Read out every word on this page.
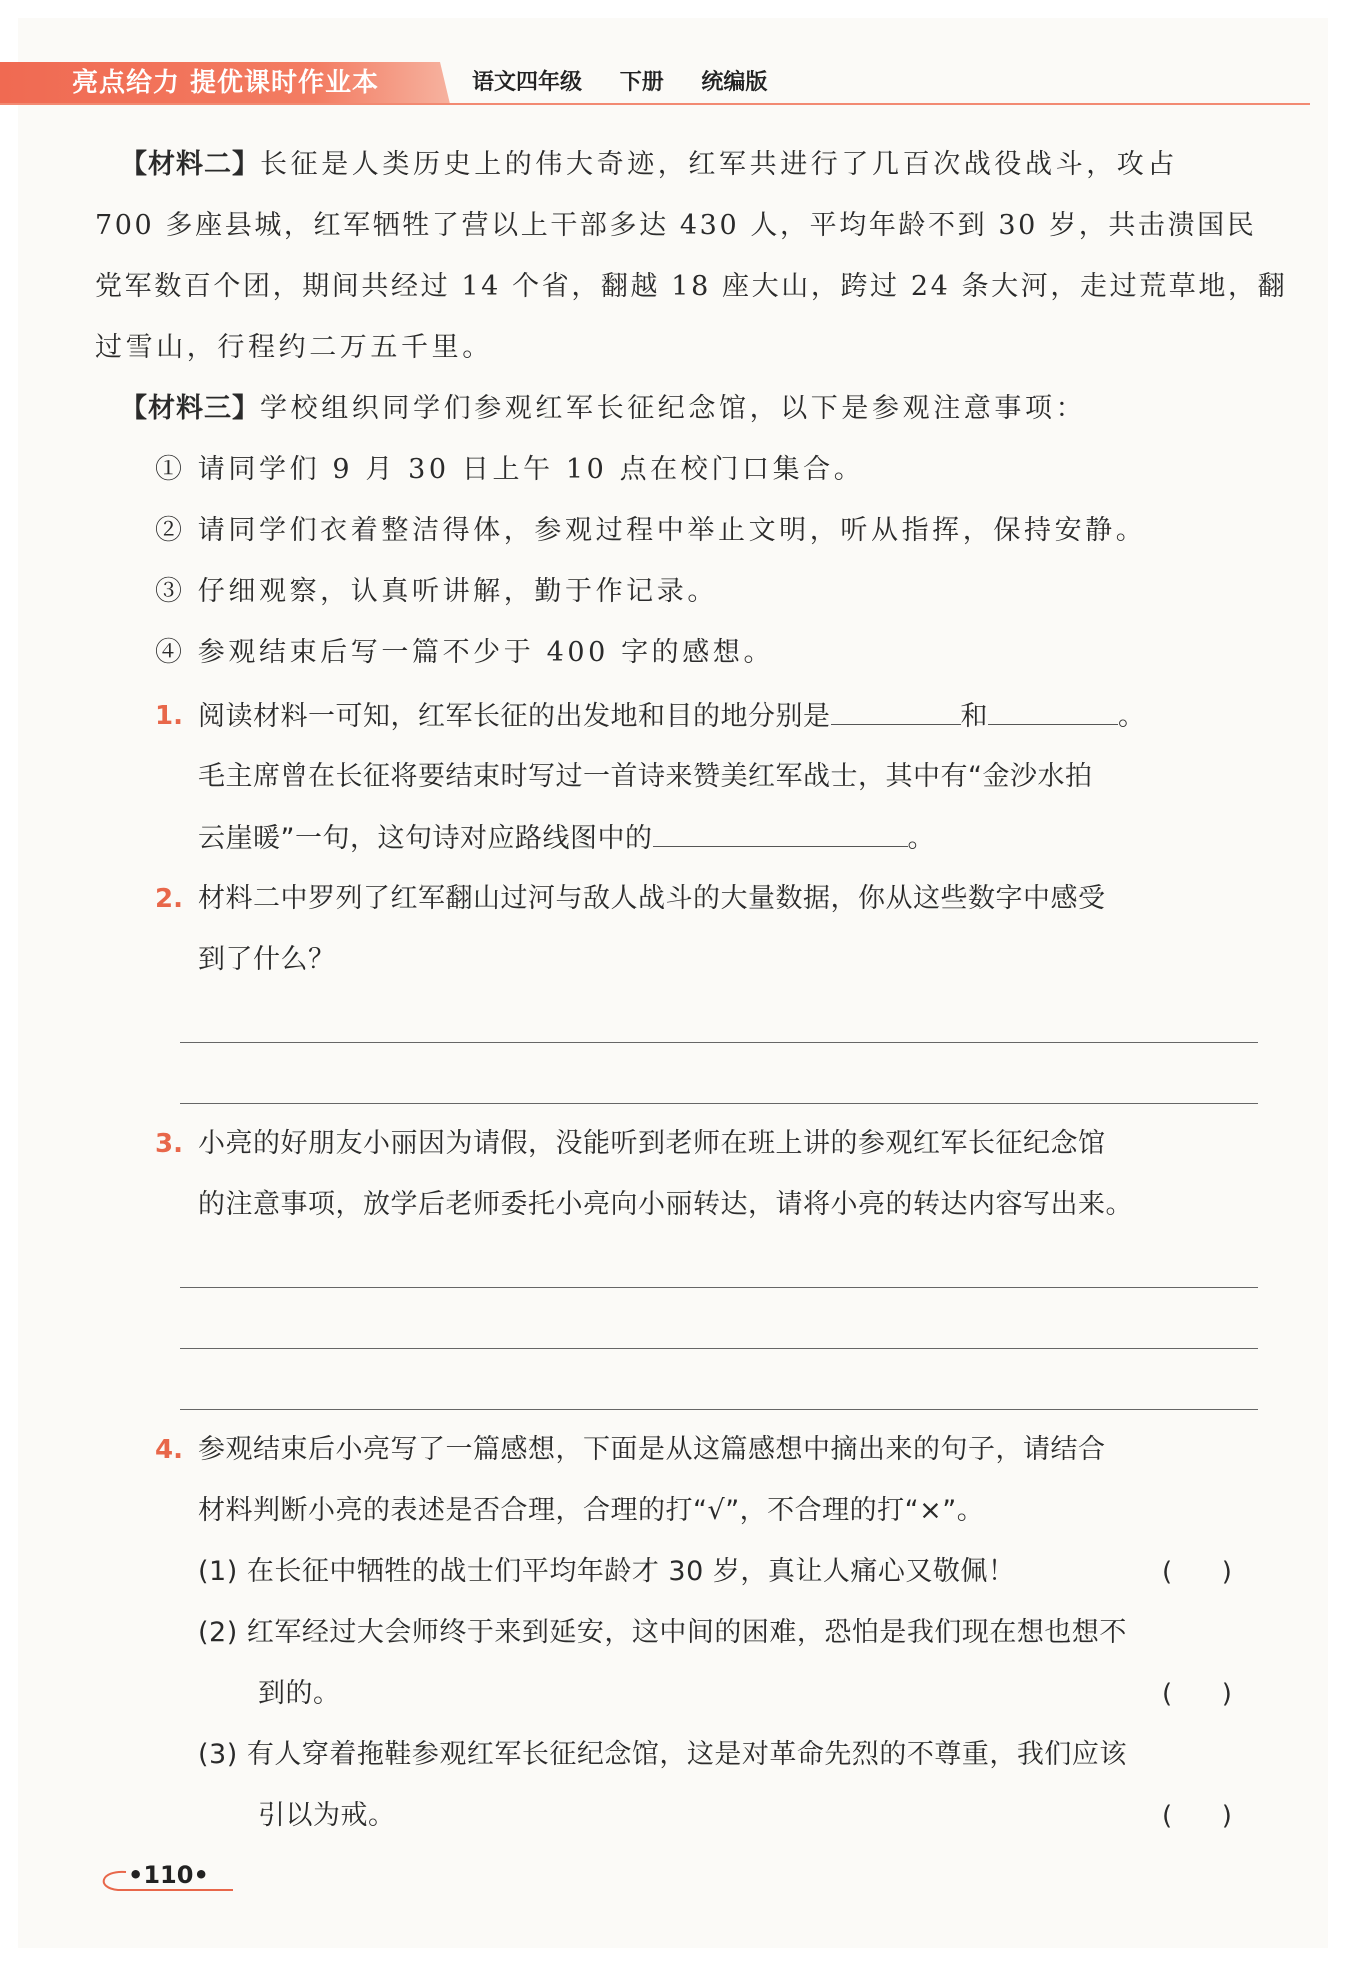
亮点给力 提优课时作业本	语文四年级 下册 统编版
【材料二】长征是人类历史上的伟大奇迹，红军共进行了几百次战役战斗，攻占
700 多座县城，红军牺牲了营以上干部多达 430 人，平均年龄不到 30 岁，共击溃国民
党军数百个团，期间共经过 14 个省，翻越 18 座大山，跨过 24 条大河，走过荒草地，翻
过雪山，行程约二万五千里。
【材料三】学校组织同学们参观红军长征纪念馆，以下是参观注意事项：
① 请同学们 9 月 30 日上午 10 点在校门口集合。
② 请同学们衣着整洁得体，参观过程中举止文明，听从指挥，保持安静。
③ 仔细观察，认真听讲解，勤于作记录。
④ 参观结束后写一篇不少于 400 字的感想。
1. 阅读材料一可知，红军长征的出发地和目的地分别是	和	。
毛主席曾在长征将要结束时写过一首诗来赞美红军战士，其中有“金沙水拍
云崖暖”一句，这句诗对应路线图中的	。
2. 材料二中罗列了红军翻山过河与敌人战斗的大量数据，你从这些数字中感受
到了什么？
3. 小亮的好朋友小丽因为请假，没能听到老师在班上讲的参观红军长征纪念馆
的注意事项，放学后老师委托小亮向小丽转达，请将小亮的转达内容写出来。
4. 参观结束后小亮写了一篇感想，下面是从这篇感想中摘出来的句子，请结合
材料判断小亮的表述是否合理，合理的打“√”，不合理的打“×”。
(1) 在长征中牺牲的战士们平均年龄才 30 岁，真让人痛心又敬佩！	(      )
(2) 红军经过大会师终于来到延安，这中间的困难，恐怕是我们现在想也想不
到的。	(      )
(3) 有人穿着拖鞋参观红军长征纪念馆，这是对革命先烈的不尊重，我们应该
引以为戒。	(      )
•110•
